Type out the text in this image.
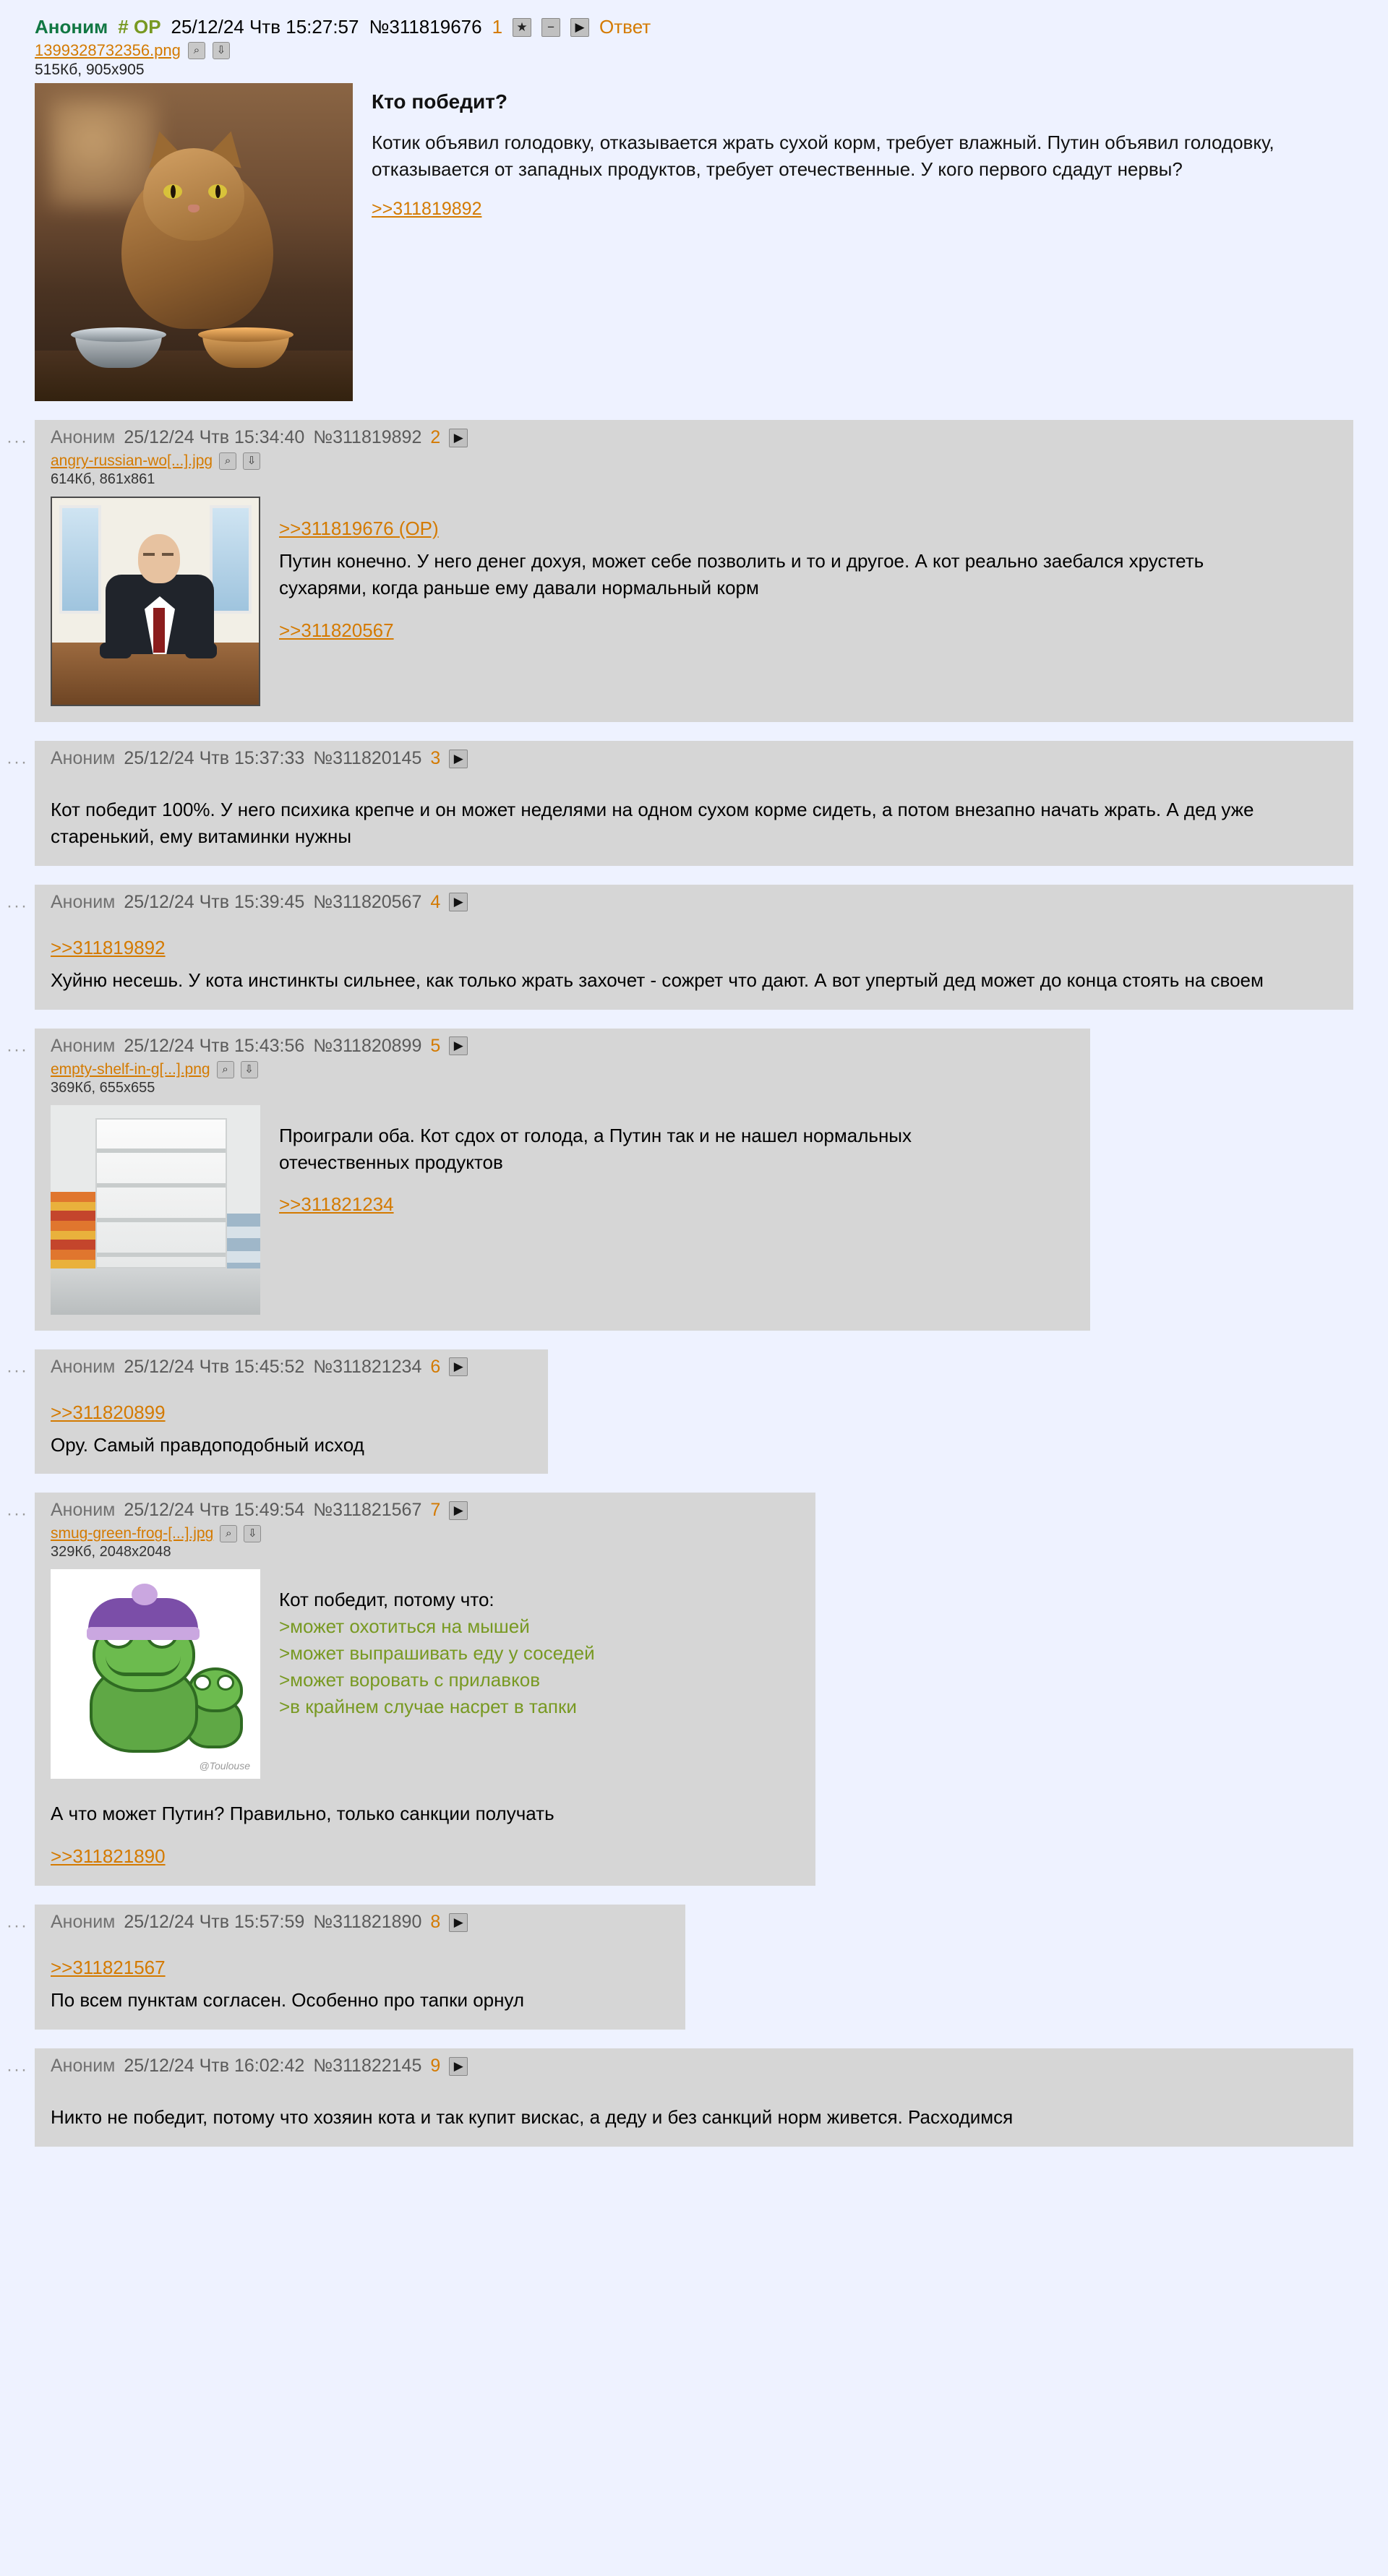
Аноним # OP 25/12/24 Чтв 15:27:57 №311819676 1	★	−	▶ Ответ
1399328732356.png	⌕	⇩
515Кб, 905x905
Кто победит?
Котик объявил голодовку, отказывается жрать сухой корм, требует влажный. Путин объявил голодовку, отказывается от западных продуктов, требует отечественные. У кого первого сдадут нервы?
>>311819892
···	Аноним 25/12/24 Чтв 15:34:40 №311819892 2	▶
angry-russian-wo[...].jpg	⌕	⇩
614Кб, 861x861
>>311819676 (OP)
Путин конечно. У него денег дохуя, может себе позволить и то и другое. А кот реально заебался хрустеть сухарями, когда раньше ему давали нормальный корм
>>311820567
···	Аноним 25/12/24 Чтв 15:37:33 №311820145 3	▶
Кот победит 100%. У него психика крепче и он может неделями на одном сухом корме сидеть, а потом внезапно начать жрать. А дед уже старенький, ему витаминки нужны
···	Аноним 25/12/24 Чтв 15:39:45 №311820567 4	▶
>>311819892
Хуйню несешь. У кота инстинкты сильнее, как только жрать захочет - сожрет что дают. А вот упертый дед может до конца стоять на своем
···	Аноним 25/12/24 Чтв 15:43:56 №311820899 5	▶
empty-shelf-in-g[...].png	⌕	⇩
369Кб, 655x655
Проиграли оба. Кот сдох от голода, а Путин так и не нашел нормальных отечественных продуктов
>>311821234
···	Аноним 25/12/24 Чтв 15:45:52 №311821234 6	▶
>>311820899
Ору. Самый правдоподобный исход
···	Аноним 25/12/24 Чтв 15:49:54 №311821567 7	▶
smug-green-frog-[...].jpg	⌕	⇩
329Кб, 2048x2048
@Toulouse
Кот победит, потому что:
>может охотиться на мышей
>может выпрашивать еду у соседей
>может воровать с прилавков
>в крайнем случае насрет в тапки
А что может Путин? Правильно, только санкции получать
>>311821890
···	Аноним 25/12/24 Чтв 15:57:59 №311821890 8	▶
>>311821567
По всем пунктам согласен. Особенно про тапки орнул
···	Аноним 25/12/24 Чтв 16:02:42 №311822145 9	▶
Никто не победит, потому что хозяин кота и так купит вискас, а деду и без санкций норм живется. Расходимся
